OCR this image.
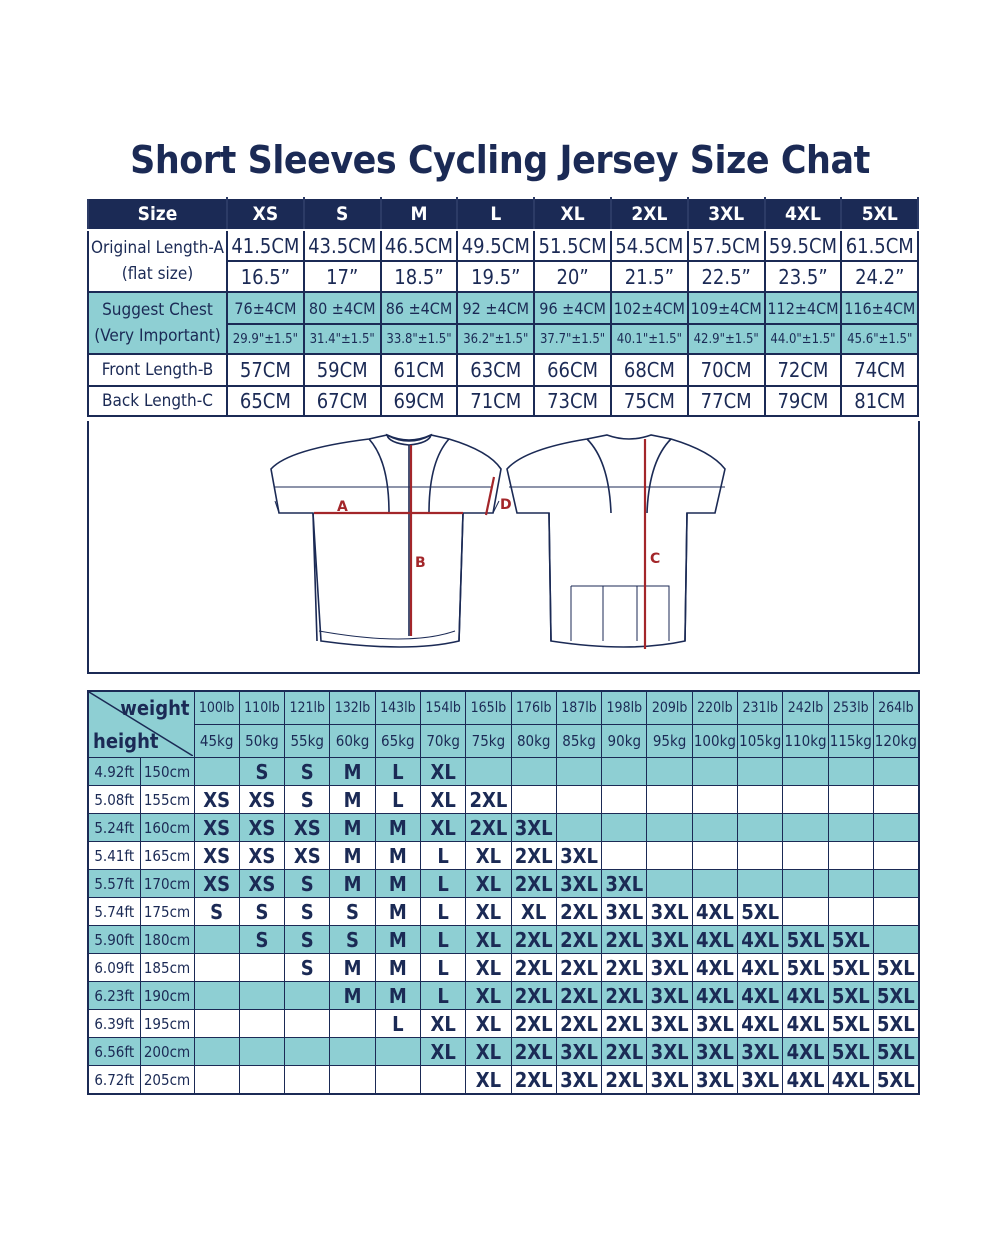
Short Sleeves Cycling Jersey Size Chat
Size	XS	S	M	L	XL	2XL	3XL	4XL	5XL

Original Length-A
(flat size)	41.5CM	43.5CM	46.5CM	49.5CM	51.5CM	54.5CM	57.5CM	59.5CM	61.5CM
	16.5”	17”	18.5”	19.5”	20”	21.5”	22.5”	23.5”	24.2”

Suggest Chest
(Very Important)	76±4CM	80 ±4CM	86 ±4CM	92 ±4CM	96 ±4CM	102±4CM	109±4CM	112±4CM	116±4CM
	29.9"±1.5"	31.4"±1.5"	33.8"±1.5"	36.2"±1.5"	37.7"±1.5"	40.1"±1.5"	42.9"±1.5"	44.0"±1.5"	45.6"±1.5"
Front Length-B	57CM	59CM	61CM	63CM	66CM	68CM	70CM	72CM	74CM
Back Length-C	65CM	67CM	69CM	71CM	73CM	75CM	77CM	79CM	81CM
A
B	C
D
weight
height		100lb	110lb	121lb	132lb	143lb	154lb	165lb	176lb	187lb	198lb	209lb	220lb	231lb	242lb	253lb	264lb
		45kg	50kg	55kg	60kg	65kg	70kg	75kg	80kg	85kg	90kg	95kg	100kg	105kg	110kg	115kg	120kg
4.92ft	150cm		S	S	M	L	XL										
5.08ft	155cm	XS	XS	S	M	L	XL	2XL									
5.24ft	160cm	XS	XS	XS	M	M	XL	2XL	3XL								
5.41ft	165cm	XS	XS	XS	M	M	L	XL	2XL	3XL							
5.57ft	170cm	XS	XS	S	M	M	L	XL	2XL	3XL	3XL						
5.74ft	175cm	S	S	S	S	M	L	XL	XL	2XL	3XL	3XL	4XL	5XL			
5.90ft	180cm		S	S	S	M	L	XL	2XL	2XL	2XL	3XL	4XL	4XL	5XL	5XL	
6.09ft	185cm			S	M	M	L	XL	2XL	2XL	2XL	3XL	4XL	4XL	5XL	5XL	5XL
6.23ft	190cm				M	M	L	XL	2XL	2XL	2XL	3XL	4XL	4XL	4XL	5XL	5XL
6.39ft	195cm					L	XL	XL	2XL	2XL	2XL	3XL	3XL	4XL	4XL	5XL	5XL
6.56ft	200cm						XL	XL	2XL	3XL	2XL	3XL	3XL	3XL	4XL	5XL	5XL
6.72ft	205cm							XL	2XL	3XL	2XL	3XL	3XL	3XL	4XL	4XL	5XL
